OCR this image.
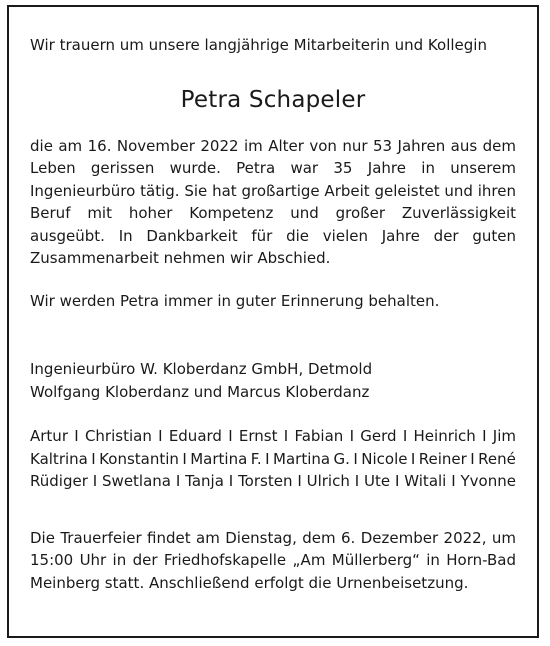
Wir trauern um unsere langjährige Mitarbeiterin und Kollegin

Petra Schapeler

die am 16. November 2022 im Alter von nur 53 Jahren aus dem Leben gerissen wurde. Petra war 35 Jahre in unserem Ingenieurbüro tätig. Sie hat großartige Arbeit geleistet und ihren Beruf mit hoher Kompetenz und großer Zuverlässigkeit ausgeübt. In Dankbarkeit für die vielen Jahre der guten Zusammenarbeit nehmen wir Abschied.

Wir werden Petra immer in guter Erinnerung behalten.

Ingenieurbüro W. Kloberdanz GmbH, Detmold
Wolfgang Kloberdanz und Marcus Kloberdanz
Artur I Christian I Eduard I Ernst I Fabian I Gerd I Heinrich I Jim
Kaltrina I Konstantin I Martina F. I Martina G. I Nicole I Reiner I René
Rüdiger I Swetlana I Tanja I Torsten I Ulrich I Ute I Witali I Yvonne

Die Trauerfeier findet am Dienstag, dem 6. Dezember 2022, um 15:00 Uhr in der Friedhofskapelle „Am Müllerberg“ in Horn-Bad Meinberg statt. Anschließend erfolgt die Urnenbeisetzung.
